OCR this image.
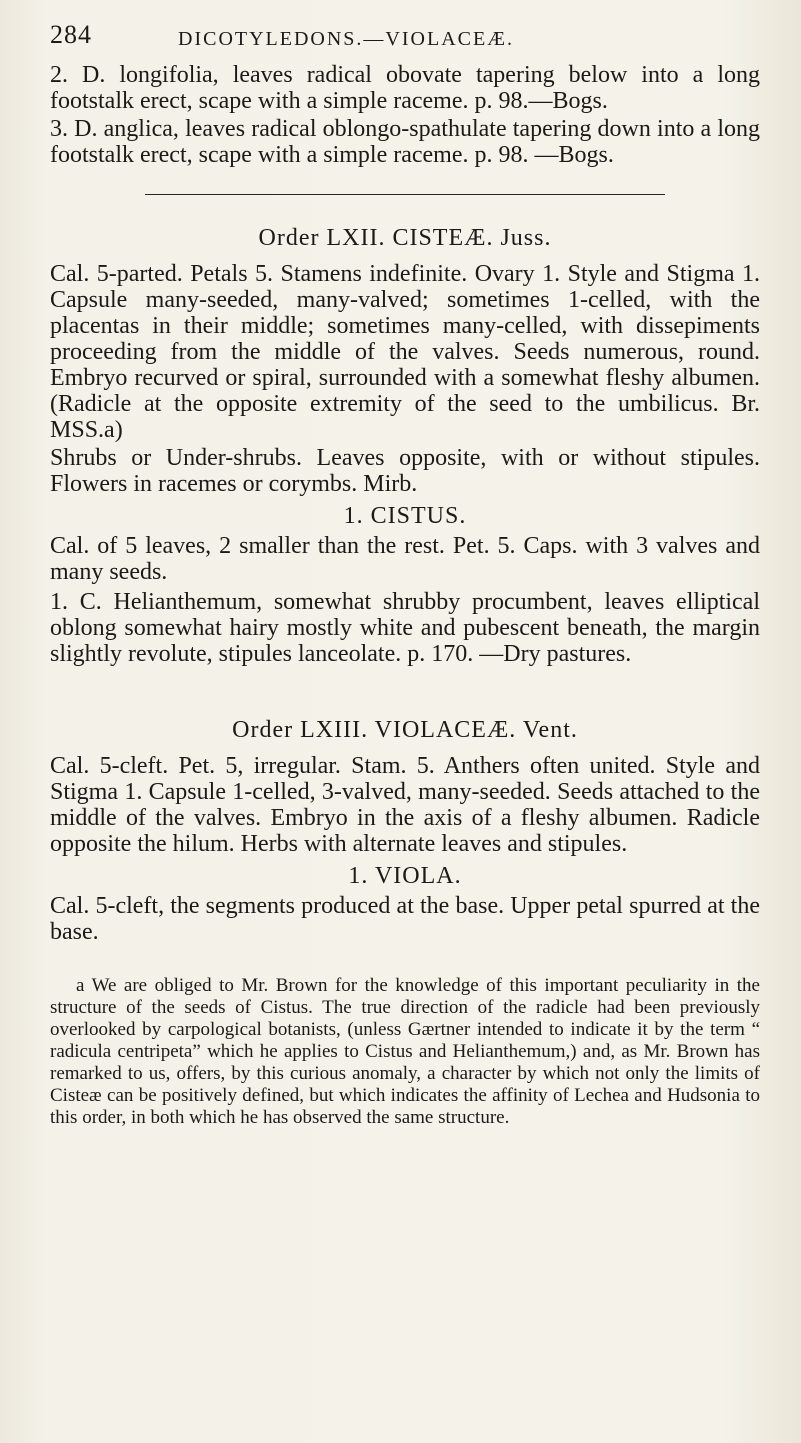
284	DICOTYLEDONS.—VIOLACEÆ.

2. D. longifolia, leaves radical obovate tapering below into a long footstalk erect, scape with a simple raceme. p. 98.—Bogs.

3. D. anglica, leaves radical oblongo-spathulate tapering down into a long footstalk erect, scape with a simple raceme. p. 98. —Bogs.

Order LXII. CISTEÆ. Juss.

Cal. 5-parted. Petals 5. Stamens indefinite. Ovary 1. Style and Stigma 1. Capsule many-seeded, many-valved; sometimes 1-celled, with the placentas in their middle; sometimes many-celled, with dissepiments proceeding from the middle of the valves. Seeds numerous, round. Embryo recurved or spiral, surrounded with a somewhat fleshy albumen. (Radicle at the opposite extremity of the seed to the umbilicus. Br. MSS.a)

Shrubs or Under-shrubs. Leaves opposite, with or without stipules. Flowers in racemes or corymbs. Mirb.

1. CISTUS.

Cal. of 5 leaves, 2 smaller than the rest. Pet. 5. Caps. with 3 valves and many seeds.

1. C. Helianthemum, somewhat shrubby procumbent, leaves elliptical oblong somewhat hairy mostly white and pubescent beneath, the margin slightly revolute, stipules lanceolate. p. 170. —Dry pastures.

Order LXIII. VIOLACEÆ. Vent.

Cal. 5-cleft. Pet. 5, irregular. Stam. 5. Anthers often united. Style and Stigma 1. Capsule 1-celled, 3-valved, many-seeded. Seeds attached to the middle of the valves. Embryo in the axis of a fleshy albumen. Radicle opposite the hilum. Herbs with alternate leaves and stipules.

1. VIOLA.

Cal. 5-cleft, the segments produced at the base. Upper petal spurred at the base.

a We are obliged to Mr. Brown for the knowledge of this important peculiarity in the structure of the seeds of Cistus. The true direction of the radicle had been previously overlooked by carpological botanists, (unless Gærtner intended to indicate it by the term “ radicula centripeta” which he applies to Cistus and Helianthemum,) and, as Mr. Brown has remarked to us, offers, by this curious anomaly, a character by which not only the limits of Cisteæ can be positively defined, but which indicates the affinity of Lechea and Hudsonia to this order, in both which he has observed the same structure.
